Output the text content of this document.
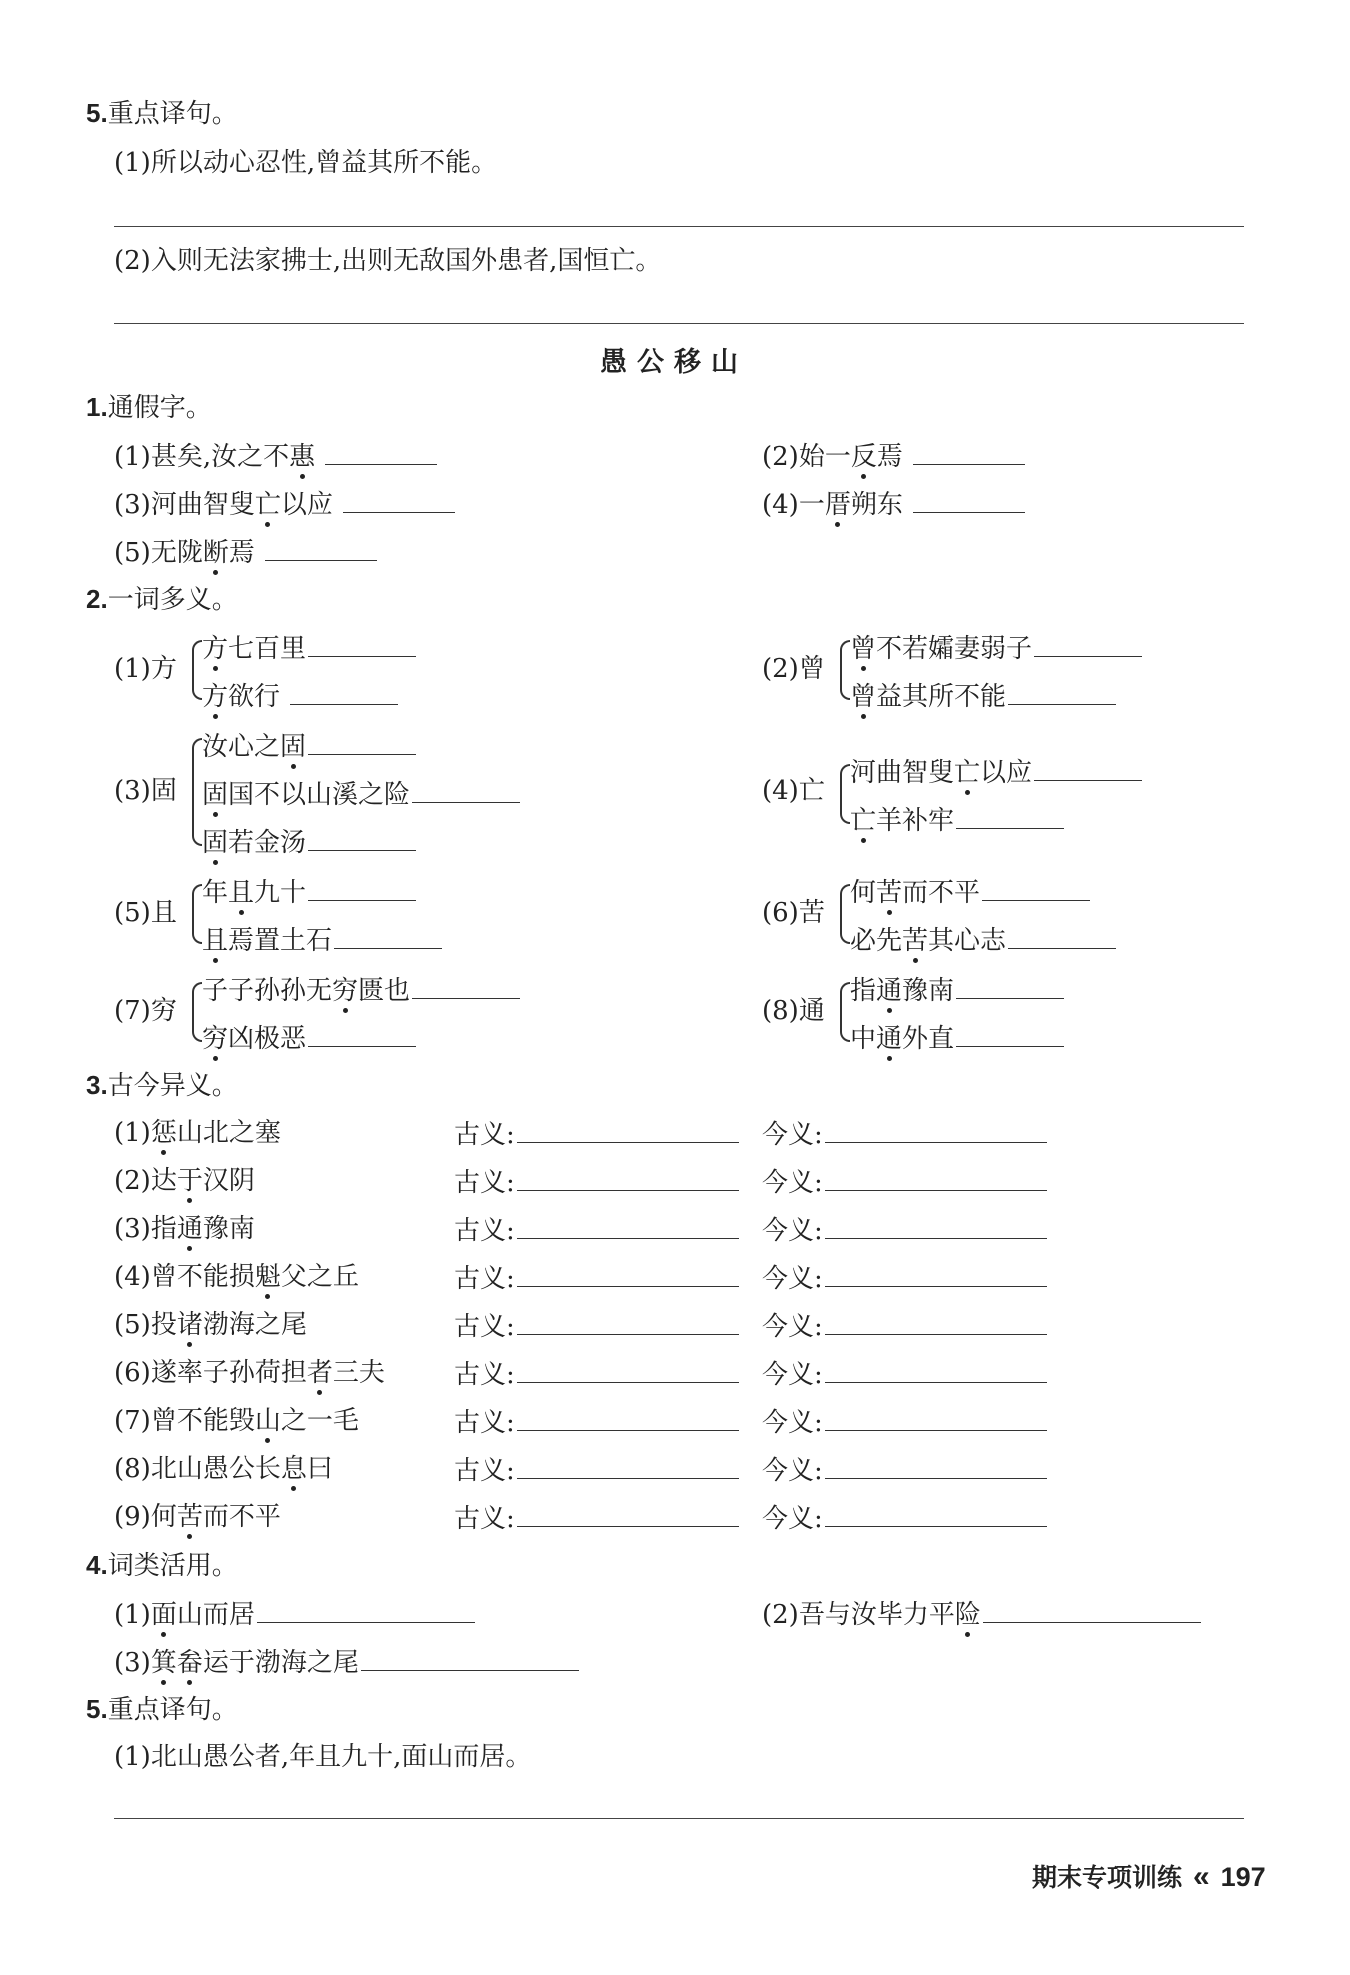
5.重点译句。
(1)所以动心忍性,曾益其所不能。
(2)入则无法家拂士,出则无敌国外患者,国恒亡。
愚公移山
1.通假字。
(1)甚矣,汝之不惠	(2)始一反焉
(3)河曲智叟亡以应	(4)一厝朔东
(5)无陇断焉
2.一词多义。
(1)方
方七百里
方欲行
(2)曾
曾不若孀妻弱子
曾益其所不能
(3)固
汝心之固
固国不以山溪之险
固若金汤
(4)亡
河曲智叟亡以应
亡羊补牢
(5)且
年且九十
且焉置土石
(6)苦
何苦而不平
必先苦其心志
(7)穷
子子孙孙无穷匮也
穷凶极恶
(8)通
指通豫南
中通外直
3.古今异义。
(1)惩山北之塞	古义:	今义:
(2)达于汉阴	古义:	今义:
(3)指通豫南	古义:	今义:
(4)曾不能损魁父之丘	古义:	今义:
(5)投诸渤海之尾	古义:	今义:
(6)遂率子孙荷担者三夫	古义:	今义:
(7)曾不能毁山之一毛	古义:	今义:
(8)北山愚公长息曰	古义:	今义:
(9)何苦而不平	古义:	今义:
4.词类活用。
(1)面山而居	(2)吾与汝毕力平险
(3)箕畚运于渤海之尾
5.重点译句。
(1)北山愚公者,年且九十,面山而居。
期末专项训练 « 197
